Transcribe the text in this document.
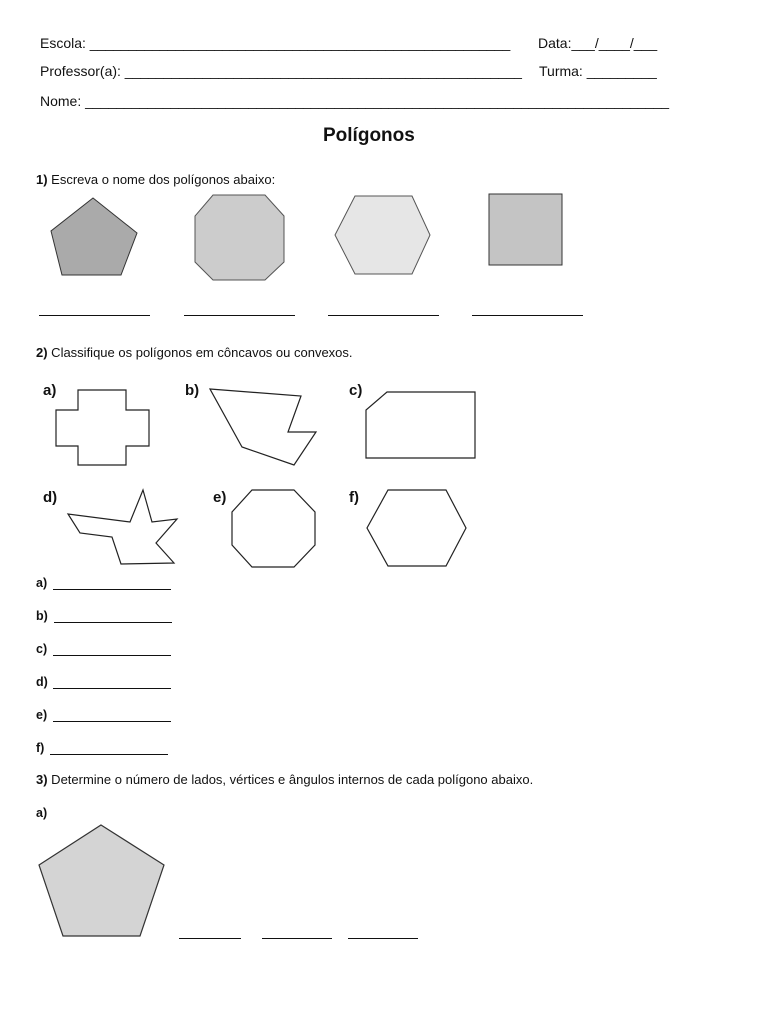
Escola: ______________________________________________________ Data:___/____/___
Professor(a): ___________________________________________________ Turma: _________
Nome: ___________________________________________________________________________
Polígonos
1) Escreva o nome dos polígonos abaixo:
2) Classifique os polígonos em côncavos ou convexos.
a)	b)	c)
d)	e)	f)
a)
b)
c)
d)
e)
f)
3) Determine o número de lados, vértices e ângulos internos de cada polígono abaixo.
a)
